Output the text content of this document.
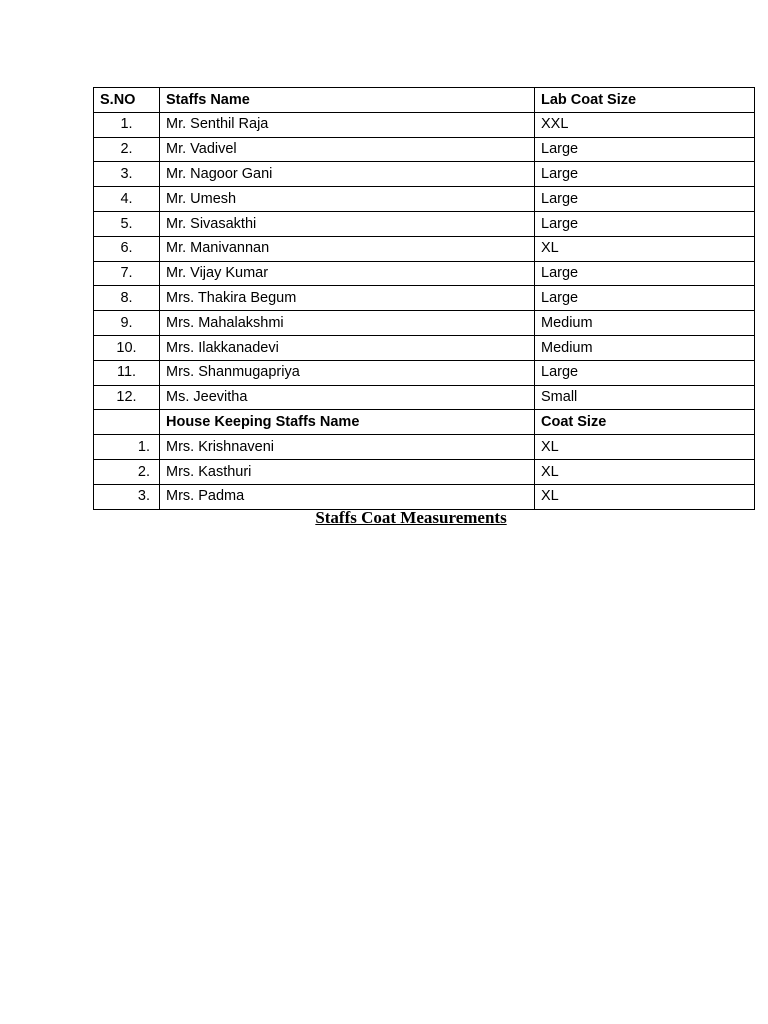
S.NO	Staffs Name	Lab Coat Size
1.	Mr. Senthil Raja	XXL
2.	Mr. Vadivel	Large
3.	Mr. Nagoor Gani	Large
4.	Mr. Umesh	Large
5.	Mr. Sivasakthi	Large
6.	Mr. Manivannan	XL
7.	Mr. Vijay Kumar	Large
8.	Mrs. Thakira Begum	Large
9.	Mrs. Mahalakshmi	Medium
10.	Mrs. Ilakkanadevi	Medium
11.	Mrs. Shanmugapriya	Large
12.	Ms. Jeevitha	Small
	House Keeping Staffs Name	Coat Size
1.	Mrs. Krishnaveni	XL
2.	Mrs. Kasthuri	XL
3.	Mrs. Padma	XL
Staffs Coat Measurements
